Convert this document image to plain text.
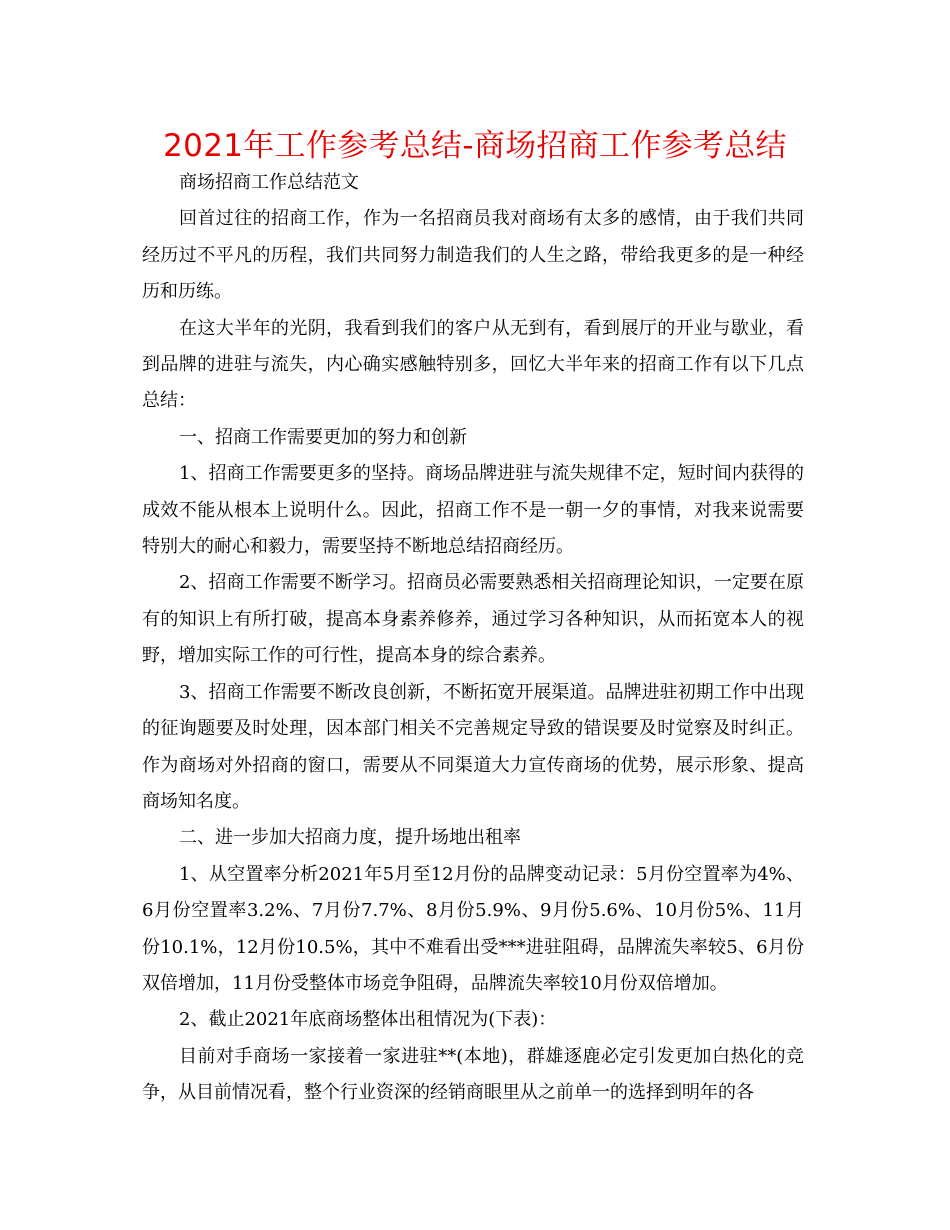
2021年工作参考总结-商场招商工作参考总结

商场招商工作总结范文

回首过往的招商工作，作为一名招商员我对商场有太多的感情，由于我们共同经历过不平凡的历程，我们共同努力制造我们的人生之路，带给我更多的是一种经历和历练。

在这大半年的光阴，我看到我们的客户从无到有，看到展厅的开业与歇业，看到品牌的进驻与流失，内心确实感触特别多，回忆大半年来的招商工作有以下几点总结：

一、招商工作需要更加的努力和创新

1、招商工作需要更多的坚持。商场品牌进驻与流失规律不定，短时间内获得的成效不能从根本上说明什么。因此，招商工作不是一朝一夕的事情，对我来说需要特别大的耐心和毅力，需要坚持不断地总结招商经历。

2、招商工作需要不断学习。招商员必需要熟悉相关招商理论知识，一定要在原有的知识上有所打破，提高本身素养修养，通过学习各种知识，从而拓宽本人的视野，增加实际工作的可行性，提高本身的综合素养。

3、招商工作需要不断改良创新，不断拓宽开展渠道。品牌进驻初期工作中出现的征询题要及时处理，因本部门相关不完善规定导致的错误要及时觉察及时纠正。作为商场对外招商的窗口，需要从不同渠道大力宣传商场的优势，展示形象、提高商场知名度。

二、进一步加大招商力度，提升场地出租率

1、从空置率分析2021年5月至12月份的品牌变动记录：5月份空置率为4%、6月份空置率3.2%、7月份7.7%、8月份5.9%、9月份5.6%、10月份5%、11月份10.1%，12月份10.5%，其中不难看出受***进驻阻碍，品牌流失率较5、6月份双倍增加，11月份受整体市场竞争阻碍，品牌流失率较10月份双倍增加。

2、截止2021年底商场整体出租情况为(下表)：

目前对手商场一家接着一家进驻**(本地)，群雄逐鹿必定引发更加白热化的竞争，从目前情况看，整个行业资深的经销商眼里从之前单一的选择到明年的各
